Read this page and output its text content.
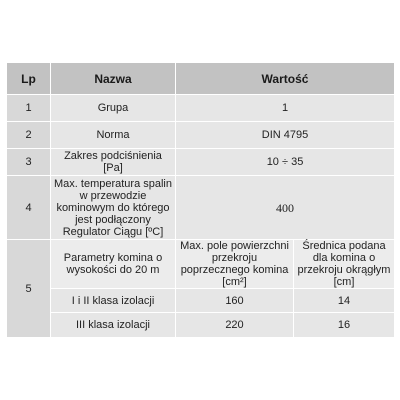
Lp	Nazwa	Wartość	
1	Grupa	1	
2	Norma	DIN 4795	
3	Zakres podciśnienia [Pa]	10 ÷ 35	
4	Max. temperatura spalin w przewodzie kominowym do którego jest podłączony Regulator Ciągu [ºC]	400	
5	Parametry komina o wysokości do 20 m	Max. pole powierzchni przekroju poprzecznego komina [cm²]	Średnica podana dla komina o przekroju okrągłym [cm]
	I i II klasa izolacji	160	14
	III klasa izolacji	220	16
